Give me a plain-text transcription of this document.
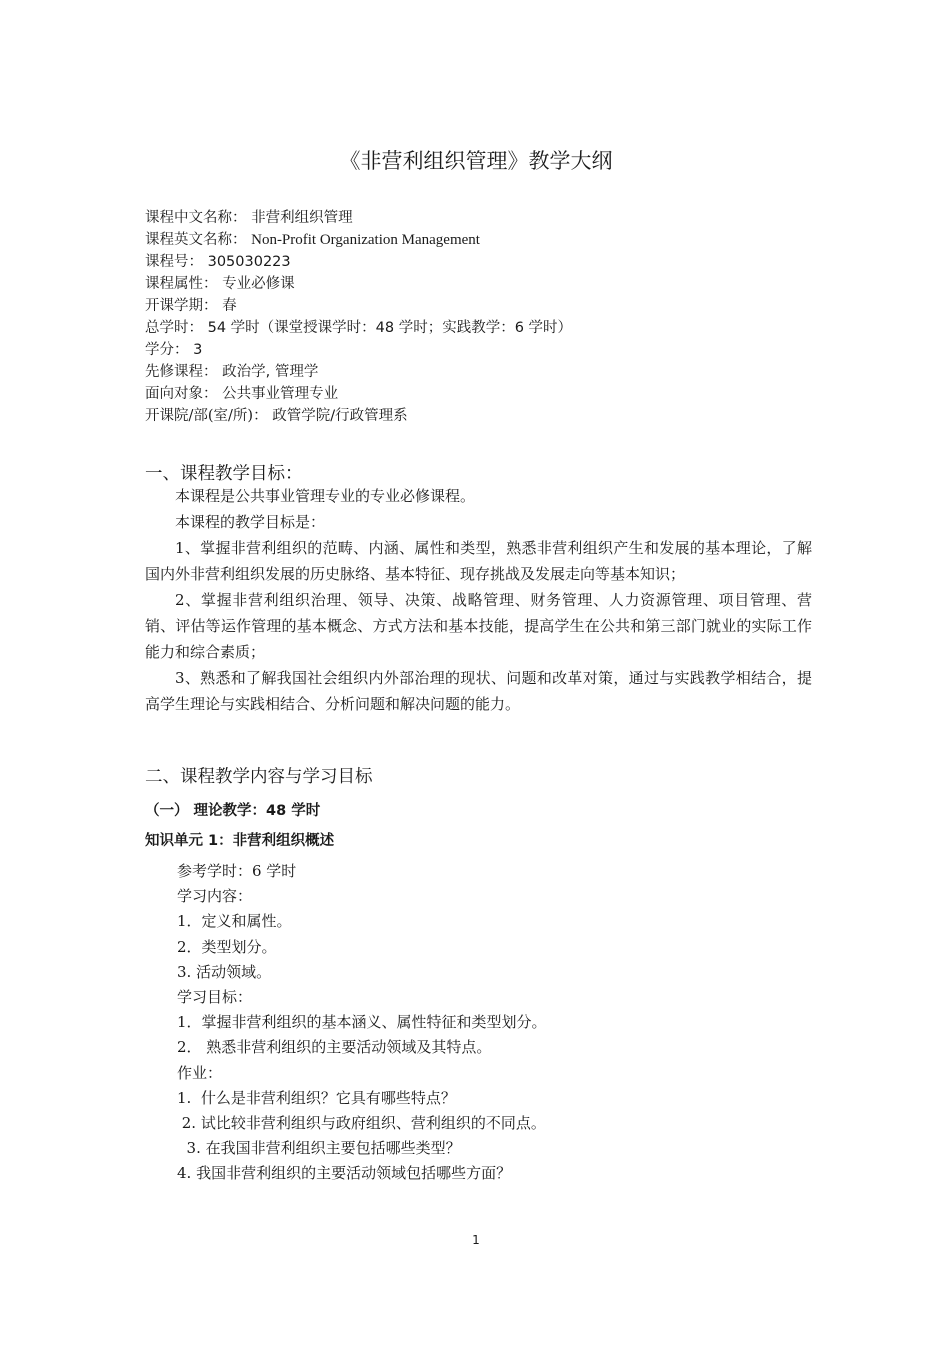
《非营利组织管理》教学大纲
课程中文名称： 非营利组织管理
课程英文名称： Non-Profit Organization Management
课程号： 305030223
课程属性： 专业必修课
开课学期： 春
总学时： 54 学时（课堂授课学时：48 学时；实践教学：6 学时）
学分： 3
先修课程： 政治学, 管理学
面向对象： 公共事业管理专业
开课院/部(室/所)： 政管学院/行政管理系
一、课程教学目标：

本课程是公共事业管理专业的专业必修课程。

本课程的教学目标是：

1、掌握非营利组织的范畴、内涵、属性和类型，熟悉非营利组织产生和发展的基本理论，了解国内外非营利组织发展的历史脉络、基本特征、现存挑战及发展走向等基本知识；

2、掌握非营利组织治理、领导、决策、战略管理、财务管理、人力资源管理、项目管理、营销、评估等运作管理的基本概念、方式方法和基本技能，提高学生在公共和第三部门就业的实际工作能力和综合素质；

3、熟悉和了解我国社会组织内外部治理的现状、问题和改革对策，通过与实践教学相结合，提高学生理论与实践相结合、分析问题和解决问题的能力。

二、课程教学内容与学习目标
（一） 理论教学：48 学时
知识单元 1：非营利组织概述
参考学时：6 学时
学习内容：
1．定义和属性。
2．类型划分。
3. 活动领域。
学习目标：
1．掌握非营利组织的基本涵义、属性特征和类型划分。
2． 熟悉非营利组织的主要活动领域及其特点。
作业：
1.  什么是非营利组织？它具有哪些特点？
2. 试比较非营利组织与政府组织、营利组织的不同点。
3. 在我国非营利组织主要包括哪些类型？
4. 我国非营利组织的主要活动领域包括哪些方面？
1
